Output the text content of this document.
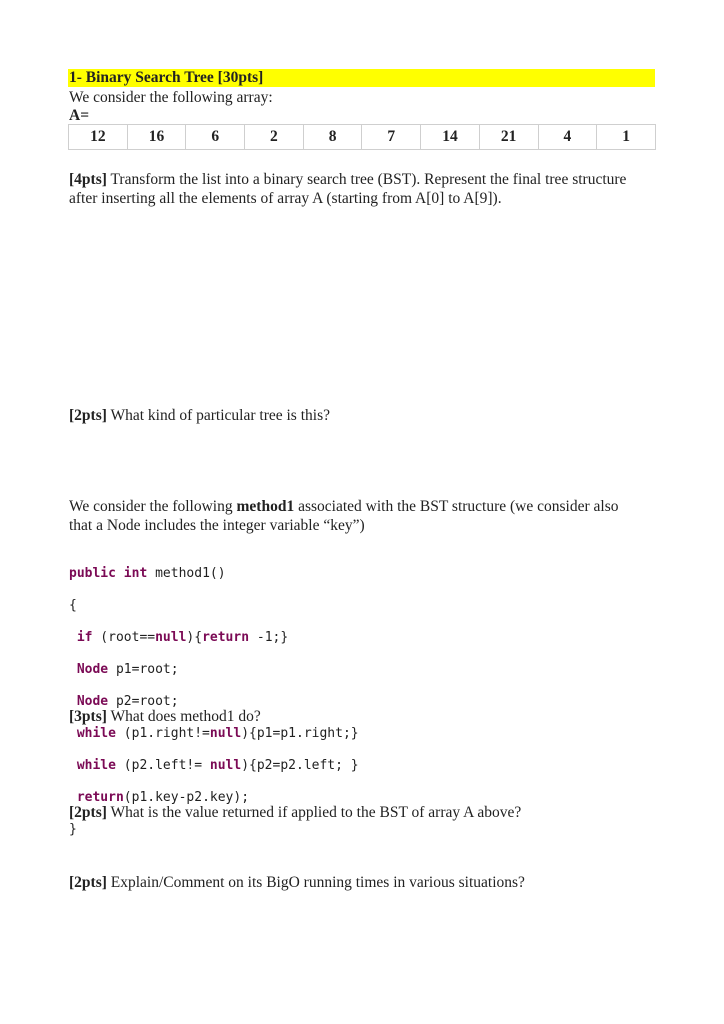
1- Binary Search Tree [30pts]
We consider the following array:
A=
12	16	6	2	8	7	14	21	4	1
[4pts] Transform the list into a binary search tree (BST). Represent the final tree structure
after inserting all the elements of array A (starting from A[0] to A[9]).
[2pts] What kind of particular tree is this?
We consider the following method1 associated with the BST structure (we consider also
that a Node includes the integer variable “key”)

public int method1()

{

if (root==null){return -1;}

Node p1=root;

Node p2=root;

while (p1.right!=null){p1=p1.right;}

while (p2.left!= null){p2=p2.left; }

return(p1.key-p2.key);

}

[3pts] What does method1 do?
[2pts] What is the value returned if applied to the BST of array A above?
[2pts] Explain/Comment on its BigO running times in various situations?
